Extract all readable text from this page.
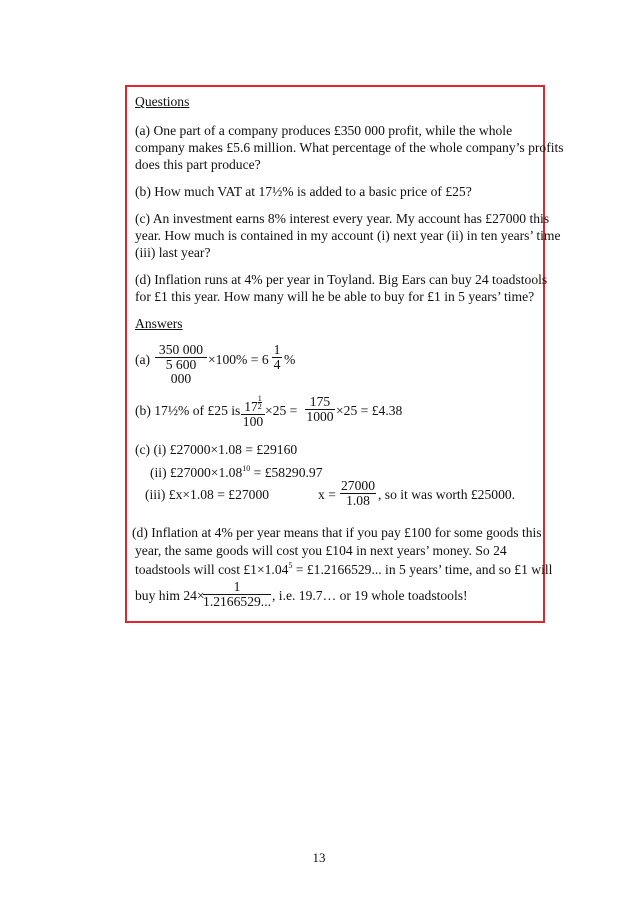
Questions
(a) One part of a company produces £350 000 profit, while the whole
company makes £5.6 million. What percentage of the whole company’s profits
does this part produce?
(b) How much VAT at 17½% is added to a basic price of £25?
(c) An investment earns 8% interest every year. My account has £27000 this
year. How much is contained in my account (i) next year (ii) in ten years’ time
(iii) last year?
(d) Inflation runs at 4% per year in Toyland. Big Ears can buy 24 toadstools
for £1 this year. How many will he be able to buy for £1 in 5 years’ time?
Answers
$(a) \frac{350 000}{5 600 000} \times 100\% = 6 \frac{1}{4}$ %
(b) 17½% of £25 is $\frac{17 \frac{1}{2}}{100} \times 25 = \frac{175}{1000} \times 25$ = £4.38
(c) (i) £27000×1.08 = £29160
(ii) $£27000\times 1.08^{10}$ = £58290.97
(iii) £x×1.08 = £27000	$x = \frac{27000}{1.08}$ , so it was worth £25000.
(d) Inflation at 4% per year means that if you pay £100 for some goods this
year, the same goods will cost you £104 in next years’ money. So 24
toadstools will cost $£1\times 1.04^5$ = £1.2166529... in 5 years’ time, and so £1 will
buy him 24×
$\frac{1}{1.2166529...}$ , i.e. 19.7… or 19 whole toadstools!
13
